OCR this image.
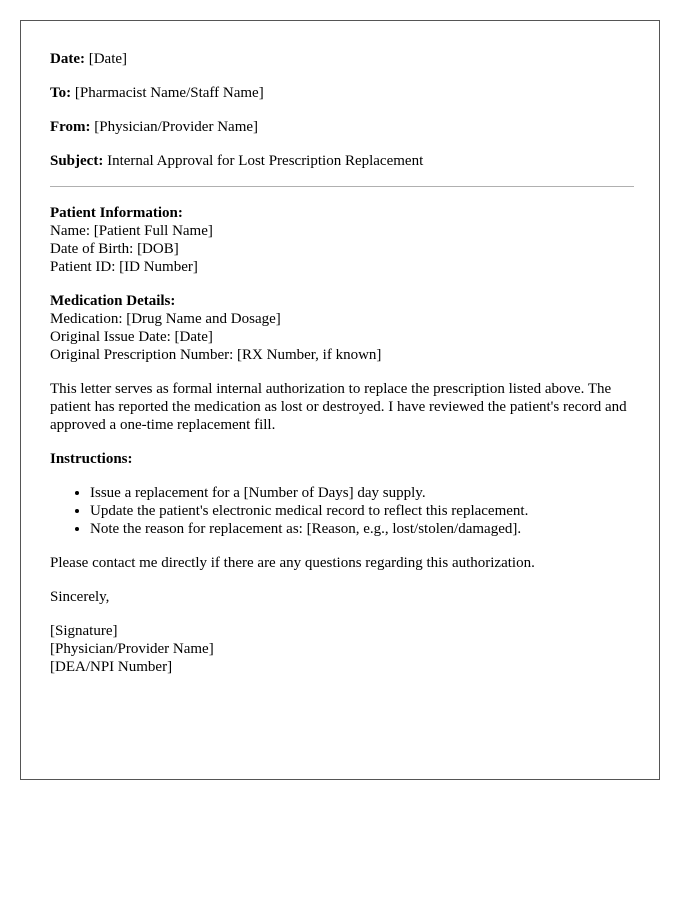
Date: [Date]
To: [Pharmacist Name/Staff Name]
From: [Physician/Provider Name]
Subject: Internal Approval for Lost Prescription Replacement
Patient Information:
Name: [Patient Full Name]
Date of Birth: [DOB]
Patient ID: [ID Number]
Medication Details:
Medication: [Drug Name and Dosage]
Original Issue Date: [Date]
Original Prescription Number: [RX Number, if known]

This letter serves as formal internal authorization to replace the prescription listed above. The patient has reported the medication as lost or destroyed. I have reviewed the patient's record and approved a one-time replacement fill.

Instructions:
• Issue a replacement for a [Number of Days] day supply.
• Update the patient's electronic medical record to reflect this replacement.
• Note the reason for replacement as: [Reason, e.g., lost/stolen/damaged].

Please contact me directly if there are any questions regarding this authorization.

Sincerely,

[Signature]
[Physician/Provider Name]
[DEA/NPI Number]
